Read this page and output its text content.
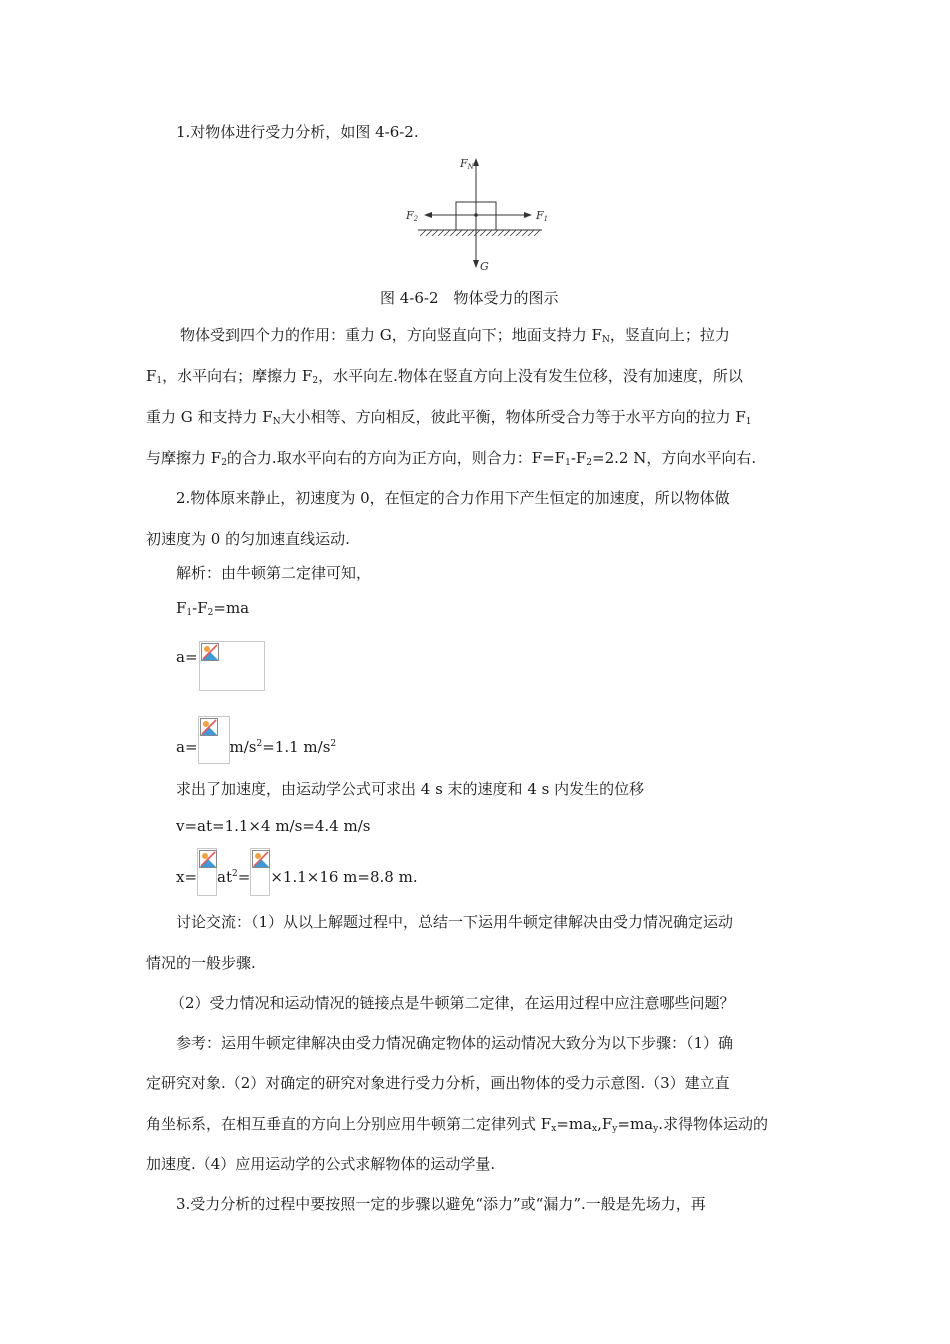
1.对物体进行受力分析，如图 4-6-2.
FN
F1
F2
G
图 4-6-2　物体受力的图示
物体受到四个力的作用：重力 G，方向竖直向下；地面支持力 $F_N$，竖直向上；拉力
$F_1$，水平向右；摩擦力 $F_2$，水平向左.物体在竖直方向上没有发生位移，没有加速度，所以
重力 G 和支持力 $F_N$大小相等、方向相反，彼此平衡，物体所受合力等于水平方向的拉力 $F_1$
与摩擦力 $F_2$的合力.取水平向右的方向为正方向，则合力：$F=F_1-F_2=2.2$ N，方向水平向右.
2.物体原来静止，初速度为 0，在恒定的合力作用下产生恒定的加速度，所以物体做
初速度为 0 的匀加速直线运动.
解析：由牛顿第二定律可知，
$F_1-F_2=ma$
a=
$a= m/s^2=1.1$ $m/s^2$
求出了加速度，由运动学公式可求出 4 s 末的速度和 4 s 内发生的位移
v=at=1.1×4 m/s=4.4 m/s
$x= at^2= \times 1.1\times 16$ m=8.8 m.
讨论交流：（1）从以上解题过程中，总结一下运用牛顿定律解决由受力情况确定运动
情况的一般步骤.
（2）受力情况和运动情况的链接点是牛顿第二定律，在运用过程中应注意哪些问题？
参考：运用牛顿定律解决由受力情况确定物体的运动情况大致分为以下步骤：（1）确
定研究对象.（2）对确定的研究对象进行受力分析，画出物体的受力示意图.（3）建立直
角坐标系，在相互垂直的方向上分别应用牛顿第二定律列式 $F_x=ma_x,F_y=ma_y$.求得物体运动的
加速度.（4）应用运动学的公式求解物体的运动学量.
3.受力分析的过程中要按照一定的步骤以避免“添力”或“漏力”.一般是先场力，再
